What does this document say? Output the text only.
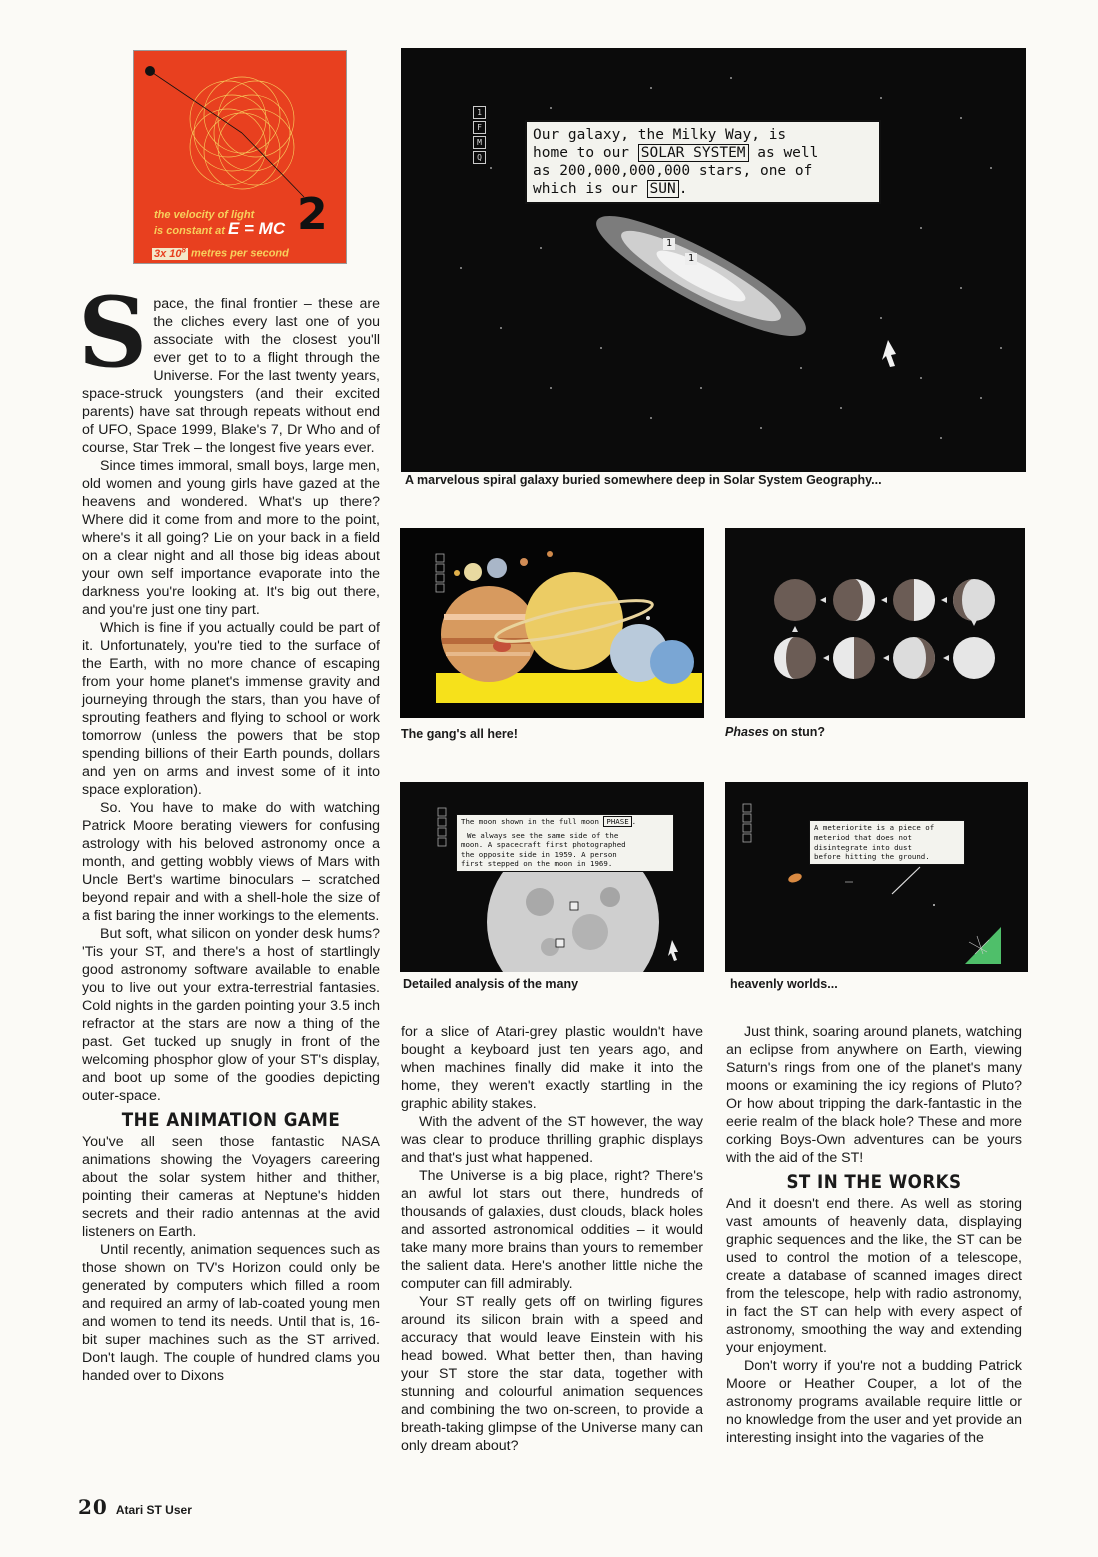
the velocity of light
is constant at E = MC 2
3x $10^8$ metres per second
1
F
M
Q
Our galaxy, the Milky Way, is
home to our SOLAR SYSTEM as well
as 200,000,000,000 stars, one of
which is our SUN .
1
1
A marvelous spiral galaxy buried somewhere deep in Solar System Geography...
The gang's all here!	Phases on stun?
The moon shown in the full moon PHASE .
We always see the same side of the
moon. A spacecraft first photographed
the opposite side in 1959. A person
first stepped on the moon in 1969.
Detailed analysis of the many
A meteriorite is a piece of
meteriod that does not
disintegrate into dust
before hitting the ground.
heavenly worlds...

Space, the final frontier – these are the cliches every last one of you associate with the closest you'll ever get to to a flight through the Universe. For the last twenty years, space-struck youngsters (and their excited parents) have sat through repeats without end of UFO, Space 1999, Blake's 7, Dr Who and of course, Star Trek – the longest five years ever.

Since times immoral, small boys, large men, old women and young girls have gazed at the heavens and wondered. What's up there? Where did it come from and more to the point, where's it all going? Lie on your back in a field on a clear night and all those big ideas about your own self importance evaporate into the darkness you're looking at. It's big out there, and you're just one tiny part.

Which is fine if you actually could be part of it. Unfortunately, you're tied to the surface of the Earth, with no more chance of escaping from your home planet's immense gravity and journeying through the stars, than you have of sprouting feathers and flying to school or work tomorrow (unless the powers that be stop spending billions of their Earth pounds, dollars and yen on arms and invest some of it into space exploration).

So. You have to make do with watching Patrick Moore berating viewers for confusing astrology with his beloved astronomy once a month, and getting wobbly views of Mars with Uncle Bert's wartime binoculars – scratched beyond repair and with a shell-hole the size of a fist baring the inner workings to the elements.

But soft, what silicon on yonder desk hums? 'Tis your ST, and there's a host of startlingly good astronomy software available to enable you to live out your extra-terrestrial fantasies. Cold nights in the garden pointing your 3.5 inch refractor at the stars are now a thing of the past. Get tucked up snugly in front of the welcoming phosphor glow of your ST's display, and boot up some of the goodies depicting outer-space.

THE ANIMATION GAME

You've all seen those fantastic NASA animations showing the Voyagers careering about the solar system hither and thither, pointing their cameras at Neptune's hidden secrets and their radio antennas at the avid listeners on Earth.

Until recently, animation sequences such as those shown on TV's Horizon could only be generated by computers which filled a room and required an army of lab-coated young men and women to tend its needs. Until that is, 16-bit super machines such as the ST arrived. Don't laugh. The couple of hundred clams you handed over to Dixons

for a slice of Atari-grey plastic wouldn't have bought a keyboard just ten years ago, and when machines finally did make it into the home, they weren't exactly startling in the graphic ability stakes.

With the advent of the ST however, the way was clear to produce thrilling graphic displays and that's just what happened.

The Universe is a big place, right? There's an awful lot stars out there, hundreds of thousands of galaxies, dust clouds, black holes and assorted astronomical oddities – it would take many more brains than yours to remember the salient data. Here's another little niche the computer can fill admirably.

Your ST really gets off on twirling figures around its silicon brain with a speed and accuracy that would leave Einstein with his head bowed. What better then, than having your ST store the star data, together with stunning and colourful animation sequences and combining the two on-screen, to provide a breath-taking glimpse of the Universe many can only dream about?

Just think, soaring around planets, watching an eclipse from anywhere on Earth, viewing Saturn's rings from one of the planet's many moons or examining the icy regions of Pluto? Or how about tripping the dark-fantastic in the eerie realm of the black hole? These and more corking Boys-Own adventures can be yours with the aid of the ST!

ST IN THE WORKS

And it doesn't end there. As well as storing vast amounts of heavenly data, displaying graphic sequences and the like, the ST can be used to control the motion of a telescope, create a database of scanned images direct from the telescope, help with radio astronomy, in fact the ST can help with every aspect of astronomy, smoothing the way and extending your enjoyment.

Don't worry if you're not a budding Patrick Moore or Heather Couper, a lot of the astronomy programs available require little or no knowledge from the user and yet provide an interesting insight into the vagaries of the

20 Atari ST User
